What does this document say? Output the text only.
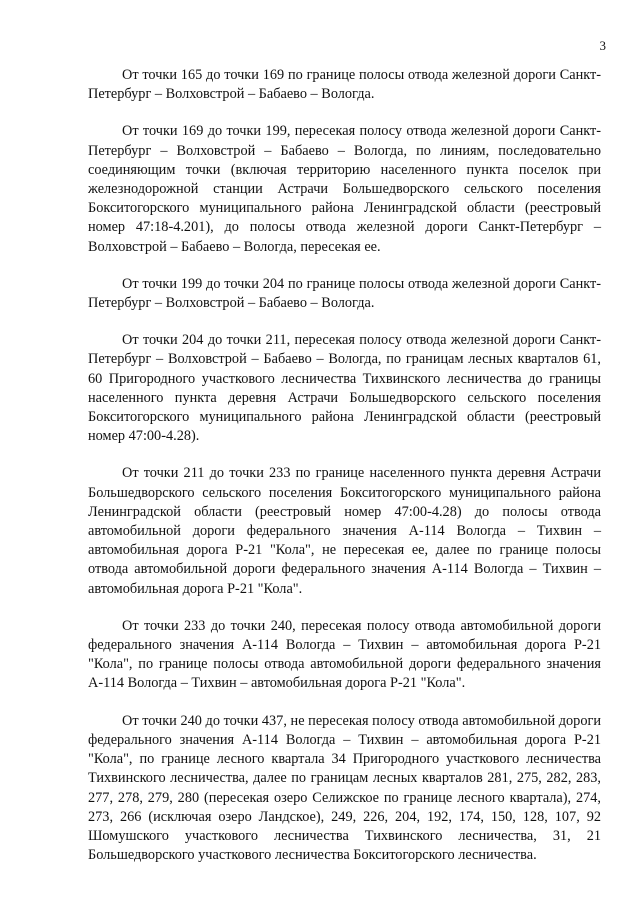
3

От точки 165 до точки 169 по границе полосы отвода железной дороги Санкт-Петербург – Волховстрой – Бабаево – Вологда.

От точки 169 до точки 199, пересекая полосу отвода железной дороги Санкт-Петербург – Волховстрой – Бабаево – Вологда, по линиям, последовательно соединяющим точки (включая территорию населенного пункта поселок при железнодорожной станции Астрачи Большедворского сельского поселения Бокситогорского муниципального района Ленинградской области (реестровый номер 47:18-4.201), до полосы отвода железной дороги Санкт-Петербург – Волховстрой – Бабаево – Вологда, пересекая ее.

От точки 199 до точки 204 по границе полосы отвода железной дороги Санкт-Петербург – Волховстрой – Бабаево – Вологда.

От точки 204 до точки 211, пересекая полосу отвода железной дороги Санкт-Петербург – Волховстрой – Бабаево – Вологда, по границам лесных кварталов 61, 60 Пригородного участкового лесничества Тихвинского лесничества до границы населенного пункта деревня Астрачи Большедворского сельского поселения Бокситогорского муниципального района Ленинградской области (реестровый номер 47:00-4.28).

От точки 211 до точки 233 по границе населенного пункта деревня Астрачи Большедворского сельского поселения Бокситогорского муниципального района Ленинградской области (реестровый номер 47:00-4.28) до полосы отвода автомобильной дороги федерального значения А-114 Вологда – Тихвин – автомобильная дорога Р-21 "Кола", не пересекая ее, далее по границе полосы отвода автомобильной дороги федерального значения А-114 Вологда – Тихвин – автомобильная дорога Р-21 "Кола".

От точки 233 до точки 240, пересекая полосу отвода автомобильной дороги федерального значения А-114 Вологда – Тихвин – автомобильная дорога Р-21 "Кола", по границе полосы отвода автомобильной дороги федерального значения А-114 Вологда – Тихвин – автомобильная дорога Р-21 "Кола".

От точки 240 до точки 437, не пересекая полосу отвода автомобильной дороги федерального значения А-114 Вологда – Тихвин – автомобильная дорога Р-21 "Кола", по границе лесного квартала 34 Пригородного участкового лесничества Тихвинского лесничества, далее по границам лесных кварталов 281, 275, 282, 283, 277, 278, 279, 280 (пересекая озеро Селижское по границе лесного квартала), 274, 273, 266 (исключая озеро Ландское), 249, 226, 204, 192, 174, 150, 128, 107, 92 Шомушского участкового лесничества Тихвинского лесничества, 31, 21 Большедворского участкового лесничества Бокситогорского лесничества.
